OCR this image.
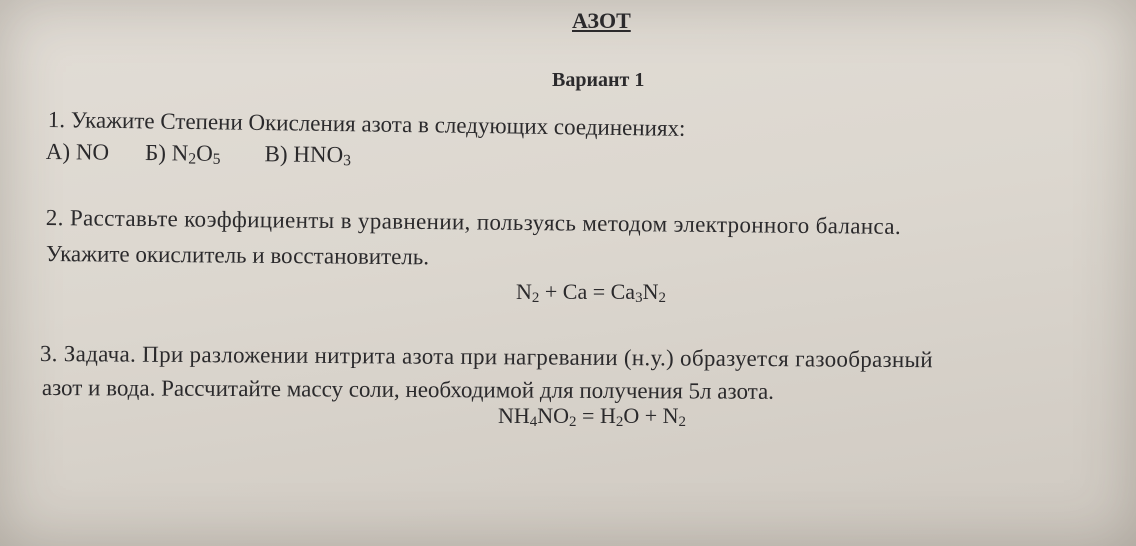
АЗОТ
Вариант 1
1. Укажите Степени Окисления азота в следующих соединениях:
А) NO Б) $N_2O_5$ В) $HNO_3$
2. Расставьте коэффициенты в уравнении, пользуясь методом электронного баланса.
Укажите окислитель и восстановитель.
$N_2 + Ca = Ca_3N_2$
3. Задача. При разложении нитрита азота при нагревании (н.у.) образуется газообразный
азот и вода. Рассчитайте массу соли, необходимой для получения 5л азота.
$NH_4NO_2 = H_2O + N_2$
